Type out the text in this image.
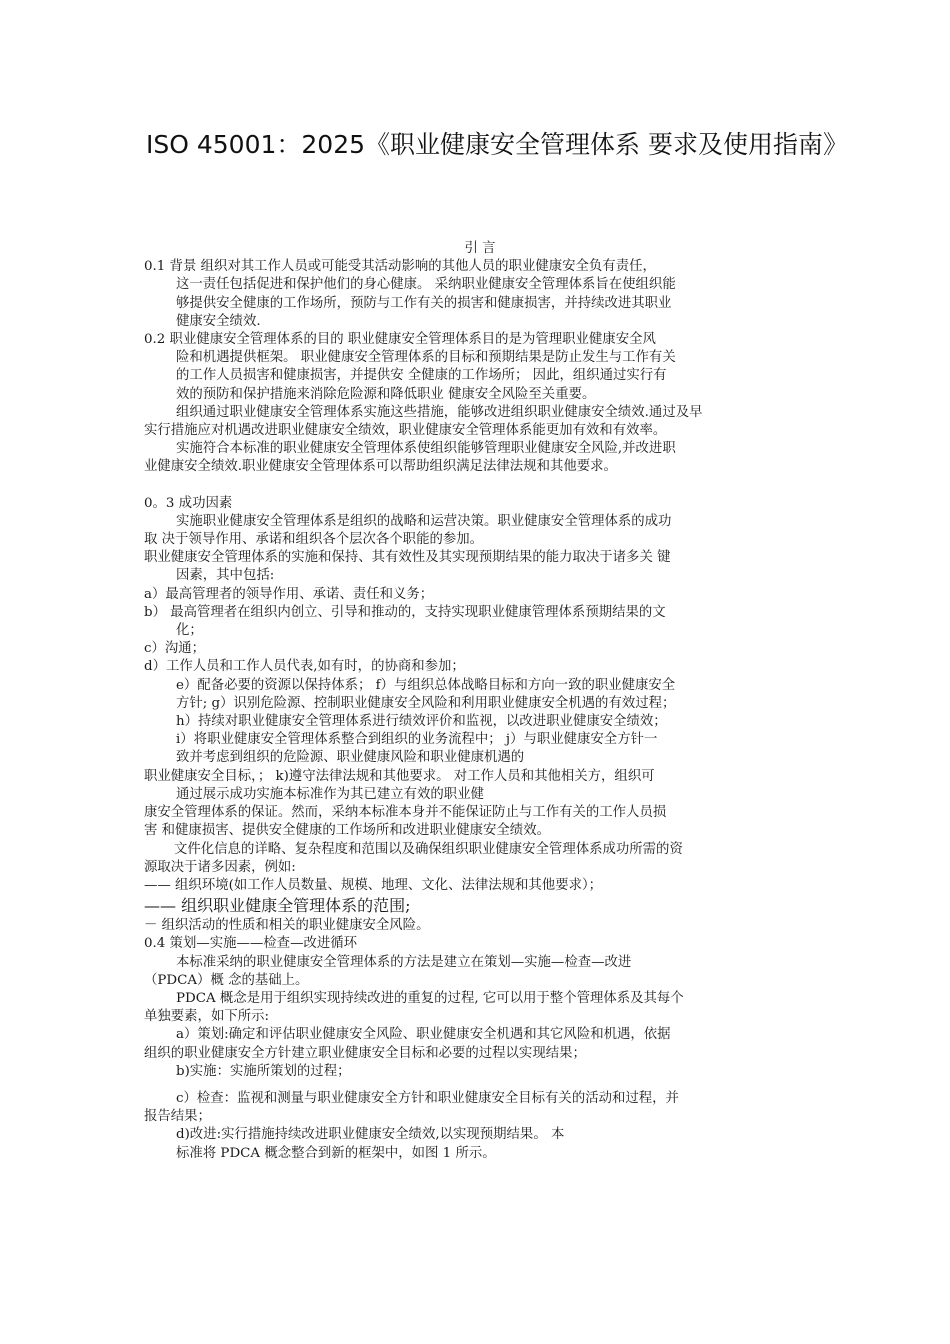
ISO 45001：2025《职业健康安全管理体系 要求及使用指南》
引 言
0.1 背景 组织对其工作人员或可能受其活动影响的其他人员的职业健康安全负有责任，
这一责任包括促进和保护他们的身心健康。 采纳职业健康安全管理体系旨在使组织能
够提供安全健康的工作场所，预防与工作有关的损害和健康损害，并持续改进其职业
健康安全绩效.
0.2 职业健康安全管理体系的目的 职业健康安全管理体系目的是为管理职业健康安全风
险和机遇提供框架。 职业健康安全管理体系的目标和预期结果是防止发生与工作有关
的工作人员损害和健康损害，并提供安 全健康的工作场所； 因此，组织通过实行有
效的预防和保护措施来消除危险源和降低职业 健康安全风险至关重要。
组织通过职业健康安全管理体系实施这些措施，能够改进组织职业健康安全绩效.通过及早
实行措施应对机遇改进职业健康安全绩效，职业健康安全管理体系能更加有效和有效率。
实施符合本标准的职业健康安全管理体系使组织能够管理职业健康安全风险,并改进职
业健康安全绩效.职业健康安全管理体系可以帮助组织满足法律法规和其他要求。
0。3 成功因素
实施职业健康安全管理体系是组织的战略和运营决策。职业健康安全管理体系的成功
取 决于领导作用、承诺和组织各个层次各个职能的参加。
职业健康安全管理体系的实施和保持、其有效性及其实现预期结果的能力取决于诸多关 键
因素，其中包括:
a）最高管理者的领导作用、承诺、责任和义务；
b） 最高管理者在组织内创立、引导和推动的，支持实现职业健康管理体系预期结果的文
化；
c）沟通；
d）工作人员和工作人员代表,如有时，的协商和参加；
e）配备必要的资源以保持体系； f）与组织总体战略目标和方向一致的职业健康安全
方针; g）识别危险源、控制职业健康安全风险和利用职业健康安全机遇的有效过程；
h）持续对职业健康安全管理体系进行绩效评价和监视，以改进职业健康安全绩效；
i）将职业健康安全管理体系整合到组织的业务流程中； j）与职业健康安全方针一
致并考虑到组织的危险源、职业健康风险和职业健康机遇的
职业健康安全目标，； k)遵守法律法规和其他要求。 对工作人员和其他相关方，组织可
通过展示成功实施本标准作为其已建立有效的职业健
康安全管理体系的保证。然而，采纳本标准本身并不能保证防止与工作有关的工作人员损
害 和健康损害、提供安全健康的工作场所和改进职业健康安全绩效。
文件化信息的详略、复杂程度和范围以及确保组织职业健康安全管理体系成功所需的资
源取决于诸多因素，例如:
—— 组织环境(如工作人员数量、规模、地理、文化、法律法规和其他要求）；
—— 组织职业健康全管理体系的范围;
－ 组织活动的性质和相关的职业健康安全风险。
0.4 策划—实施——检查—改进循环
本标准采纳的职业健康安全管理体系的方法是建立在策划—实施—检查—改进
（PDCA）概 念的基础上。
PDCA 概念是用于组织实现持续改进的重复的过程, 它可以用于整个管理体系及其每个
单独要素，如下所示:
a）策划:确定和评估职业健康安全风险、职业健康安全机遇和其它风险和机遇，依据
组织的职业健康安全方针建立职业健康安全目标和必要的过程以实现结果；
b)实施：实施所策划的过程；
c）检查：监视和测量与职业健康安全方针和职业健康安全目标有关的活动和过程，并
报告结果；
d)改进:实行措施持续改进职业健康安全绩效,以实现预期结果。 本
标准将 PDCA 概念整合到新的框架中，如图 1 所示。
